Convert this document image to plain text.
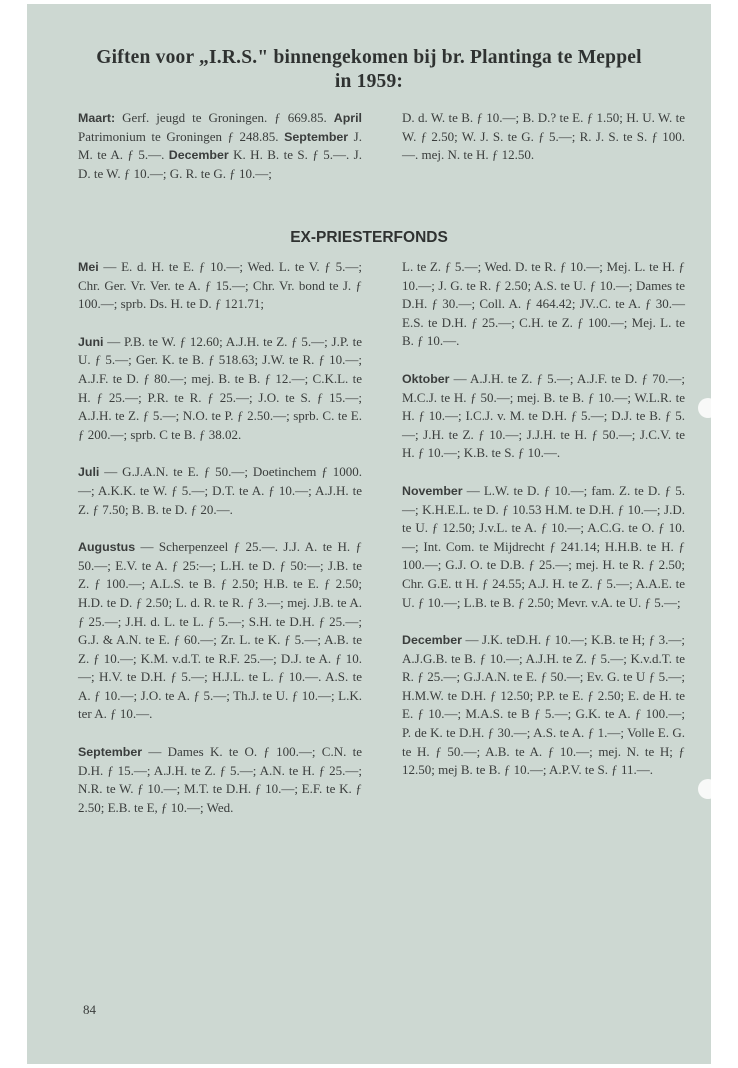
Giften voor „I.R.S." binnengekomen bij br. Plantinga te Meppel
in 1959:

Maart: Gerf. jeugd te Groningen. ƒ 669.85. April Patrimonium te Groningen ƒ 248.85. September J. M. te A. ƒ 5.—. December K. H. B. te S. ƒ 5.—. J. D. te W. ƒ 10.—; G. R. te G. ƒ 10.—;

D. d. W. te B. ƒ 10.—; B. D.? te E. ƒ 1.50; H. U. W. te W. ƒ 2.50; W. J. S. te G. ƒ 5.—; R. J. S. te S. ƒ 100.—. mej. N. te H. ƒ 12.50.

EX-PRIESTERFONDS

Mei — E. d. H. te E. ƒ 10.—; Wed. L. te V. ƒ 5.—; Chr. Ger. Vr. Ver. te A. ƒ 15.—; Chr. Vr. bond te J. ƒ 100.—; sprb. Ds. H. te D. ƒ 121.71;

Juni — P.B. te W. ƒ 12.60; A.J.H. te Z. ƒ 5.—; J.P. te U. ƒ 5.—; Ger. K. te B. ƒ 518.63; J.W. te R. ƒ 10.—; A.J.F. te D. ƒ 80.—; mej. B. te B. ƒ 12.—; C.K.L. te H. ƒ 25.—; P.R. te R. ƒ 25.—; J.O. te S. ƒ 15.—; A.J.H. te Z. ƒ 5.—; N.O. te P. ƒ 2.50.—; sprb. C. te E. ƒ 200.—; sprb. C te B. ƒ 38.02.

Juli — G.J.A.N. te E. ƒ 50.—; Doetinchem ƒ 1000.—; A.K.K. te W. ƒ 5.—; D.T. te A. ƒ 10.—; A.J.H. te Z. ƒ 7.50; B. B. te D. ƒ 20.—.

Augustus — Scherpenzeel ƒ 25.—. J.J. A. te H. ƒ 50.—; E.V. te A. ƒ 25:—; L.H. te D. ƒ 50:—; J.B. te Z. ƒ 100.—; A.L.S. te B. ƒ 2.50; H.B. te E. ƒ 2.50; H.D. te D. ƒ 2.50; L. d. R. te R. ƒ 3.—; mej. J.B. te A. ƒ 25.—; J.H. d. L. te L. ƒ 5.—; S.H. te D.H. ƒ 25.—; G.J. & A.N. te E. ƒ 60.—; Zr. L. te K. ƒ 5.—; A.B. te Z. ƒ 10.—; K.M. v.d.T. te R.F. 25.—; D.J. te A. ƒ 10.—; H.V. te D.H. ƒ 5.—; H.J.L. te L. ƒ 10.—. A.S. te A. ƒ 10.—; J.O. te A. ƒ 5.—; Th.J. te U. ƒ 10.—; L.K. ter A. ƒ 10.—.

September — Dames K. te O. ƒ 100.—; C.N. te D.H. ƒ 15.—; A.J.H. te Z. ƒ 5.—; A.N. te H. ƒ 25.—; N.R. te W. ƒ 10.—; M.T. te D.H. ƒ 10.—; E.F. te K. ƒ 2.50; E.B. te E, ƒ 10.—; Wed.

L. te Z. ƒ 5.—; Wed. D. te R. ƒ 10.—; Mej. L. te H. ƒ 10.—; J. G. te R. ƒ 2.50; A.S. te U. ƒ 10.—; Dames te D.H. ƒ 30.—; Coll. A. ƒ 464.42; JV..C. te A. ƒ 30.— E.S. te D.H. ƒ 25.—; C.H. te Z. ƒ 100.—; Mej. L. te B. ƒ 10.—.

Oktober — A.J.H. te Z. ƒ 5.—; A.J.F. te D. ƒ 70.—; M.C.J. te H. ƒ 50.—; mej. B. te B. ƒ 10.—; W.L.R. te H. ƒ 10.—; I.C.J. v. M. te D.H. ƒ 5.—; D.J. te B. ƒ 5.—; J.H. te Z. ƒ 10.—; J.J.H. te H. ƒ 50.—; J.C.V. te H. ƒ 10.—; K.B. te S. ƒ 10.—.

November — L.W. te D. ƒ 10.—; fam. Z. te D. ƒ 5.—; K.H.E.L. te D. ƒ 10.53 H.M. te D.H. ƒ 10.—; J.D. te U. ƒ 12.50; J.v.L. te A. ƒ 10.—; A.C.G. te O. ƒ 10.—; Int. Com. te Mijdrecht ƒ 241.14; H.H.B. te H. ƒ 100.—; G.J. O. te D.B. ƒ 25.—; mej. H. te R. ƒ 2.50; Chr. G.E. tt H. ƒ 24.55; A.J. H. te Z. ƒ 5.—; A.A.E. te U. ƒ 10.—; L.B. te B. ƒ 2.50; Mevr. v.A. te U. ƒ 5.—;

December — J.K. teD.H. ƒ 10.—; K.B. te H; ƒ 3.—; A.J.G.B. te B. ƒ 10.—; A.J.H. te Z. ƒ 5.—; K.v.d.T. te R. ƒ 25.—; G.J.A.N. te E. ƒ 50.—; Ev. G. te U ƒ 5.—; H.M.W. te D.H. ƒ 12.50; P.P. te E. ƒ 2.50; E. de H. te E. ƒ 10.—; M.A.S. te B ƒ 5.—; G.K. te A. ƒ 100.—; P. de K. te D.H. ƒ 30.—; A.S. te A. ƒ 1.—; Volle E. G. te H. ƒ 50.—; A.B. te A. ƒ 10.—; mej. N. te H; ƒ 12.50; mej B. te B. ƒ 10.—; A.P.V. te S. ƒ 11.—.

84
